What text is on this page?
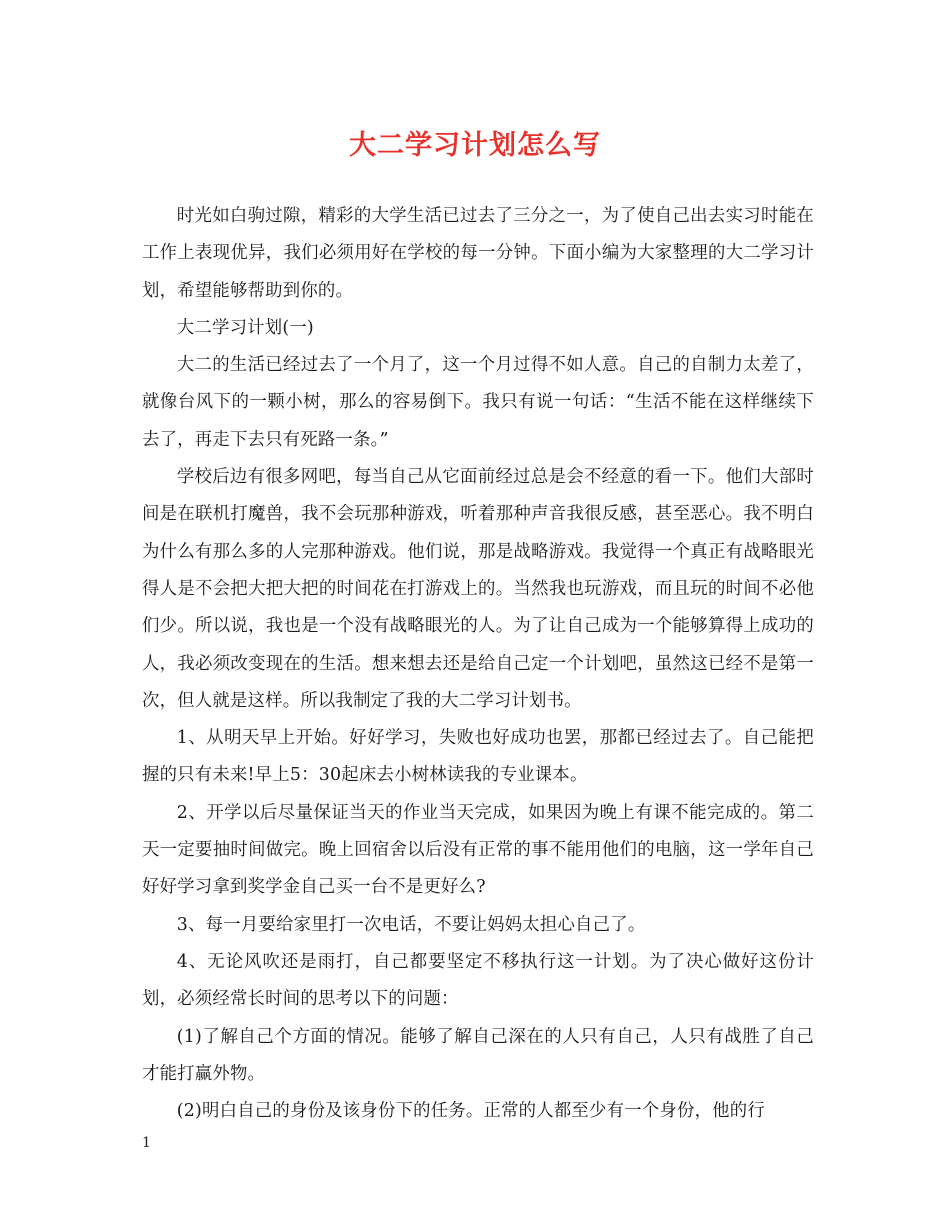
大二学习计划怎么写

时光如白驹过隙，精彩的大学生活已过去了三分之一，为了使自己出去实习时能在工作上表现优异，我们必须用好在学校的每一分钟。下面小编为大家整理的大二学习计划，希望能够帮助到你的。

大二学习计划(一)

大二的生活已经过去了一个月了，这一个月过得不如人意。自己的自制力太差了，就像台风下的一颗小树，那么的容易倒下。我只有说一句话：“生活不能在这样继续下去了，再走下去只有死路一条。”

学校后边有很多网吧，每当自己从它面前经过总是会不经意的看一下。他们大部时间是在联机打魔兽，我不会玩那种游戏，听着那种声音我很反感，甚至恶心。我不明白为什么有那么多的人完那种游戏。他们说，那是战略游戏。我觉得一个真正有战略眼光得人是不会把大把大把的时间花在打游戏上的。当然我也玩游戏，而且玩的时间不必他们少。所以说，我也是一个没有战略眼光的人。为了让自己成为一个能够算得上成功的人，我必须改变现在的生活。想来想去还是给自己定一个计划吧，虽然这已经不是第一次，但人就是这样。所以我制定了我的大二学习计划书。

1、从明天早上开始。好好学习，失败也好成功也罢，那都已经过去了。自己能把握的只有未来!早上5：30起床去小树林读我的专业课本。

2、开学以后尽量保证当天的作业当天完成，如果因为晚上有课不能完成的。第二天一定要抽时间做完。晚上回宿舍以后没有正常的事不能用他们的电脑，这一学年自己好好学习拿到奖学金自己买一台不是更好么?

3、每一月要给家里打一次电话，不要让妈妈太担心自己了。

4、无论风吹还是雨打，自己都要坚定不移执行这一计划。为了决心做好这份计划，必须经常长时间的思考以下的问题：

(1)了解自己个方面的情况。能够了解自己深在的人只有自己，人只有战胜了自己才能打赢外物。

(2)明白自己的身份及该身份下的任务。正常的人都至少有一个身份，他的行

1
